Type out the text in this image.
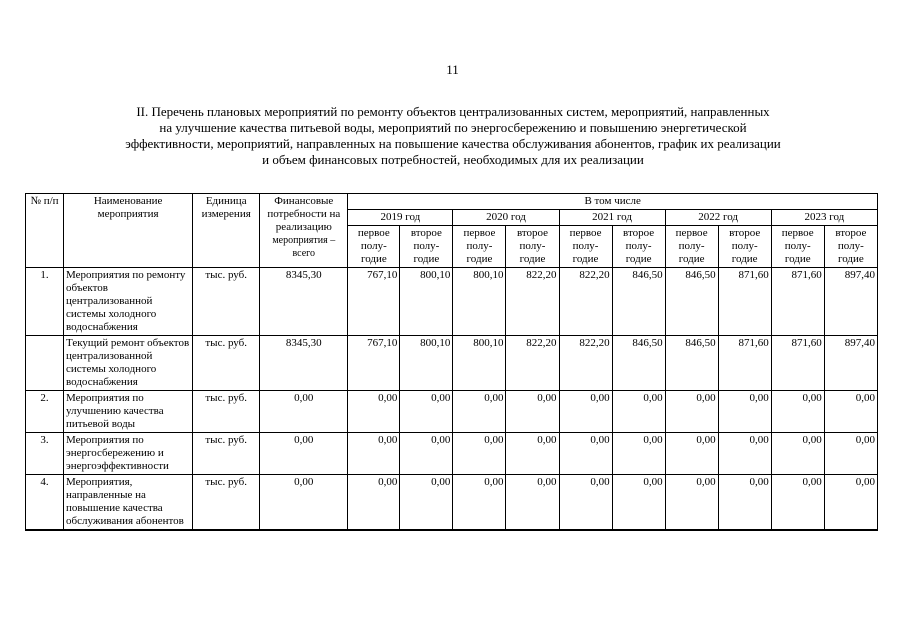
11
II. Перечень плановых мероприятий по ремонту объектов централизованных систем, мероприятий, направленных
на улучшение качества питьевой воды, мероприятий по энергосбережению и повышению энергетической
эффективности, мероприятий, направленных на повышение качества обслуживания абонентов, график их реализации
и объем финансовых потребностей, необходимых для их реализации
№ п/п	Наименование мероприятия	Единица измерения	Финансовые потребности на реализацию мероприятия – всего	В том числе									
				2019 год		2020 год		2021 год		2022 год		2023 год	
				первое полу-годие	второе полу-годие	первое полу-годие	второе полу-годие	первое полу-годие	второе полу-годие	первое полу-годие	второе полу-годие	первое полу-годие	второе полу-годие
1.	Мероприятия по ремонту объектов централизованной системы холодного водоснабжения	тыс. руб.	8345,30	767,10	800,10	800,10	822,20	822,20	846,50	846,50	871,60	871,60	897,40
	Текущий ремонт объектов централизованной системы холодного водоснабжения	тыс. руб.	8345,30	767,10	800,10	800,10	822,20	822,20	846,50	846,50	871,60	871,60	897,40
2.	Мероприятия по улучшению качества питьевой воды	тыс. руб.	0,00	0,00	0,00	0,00	0,00	0,00	0,00	0,00	0,00	0,00	0,00
3.	Мероприятия по энергосбережению и энергоэффективности	тыс. руб.	0,00	0,00	0,00	0,00	0,00	0,00	0,00	0,00	0,00	0,00	0,00
4.	Мероприятия, направленные на повышение качества обслуживания абонентов	тыс. руб.	0,00	0,00	0,00	0,00	0,00	0,00	0,00	0,00	0,00	0,00	0,00
